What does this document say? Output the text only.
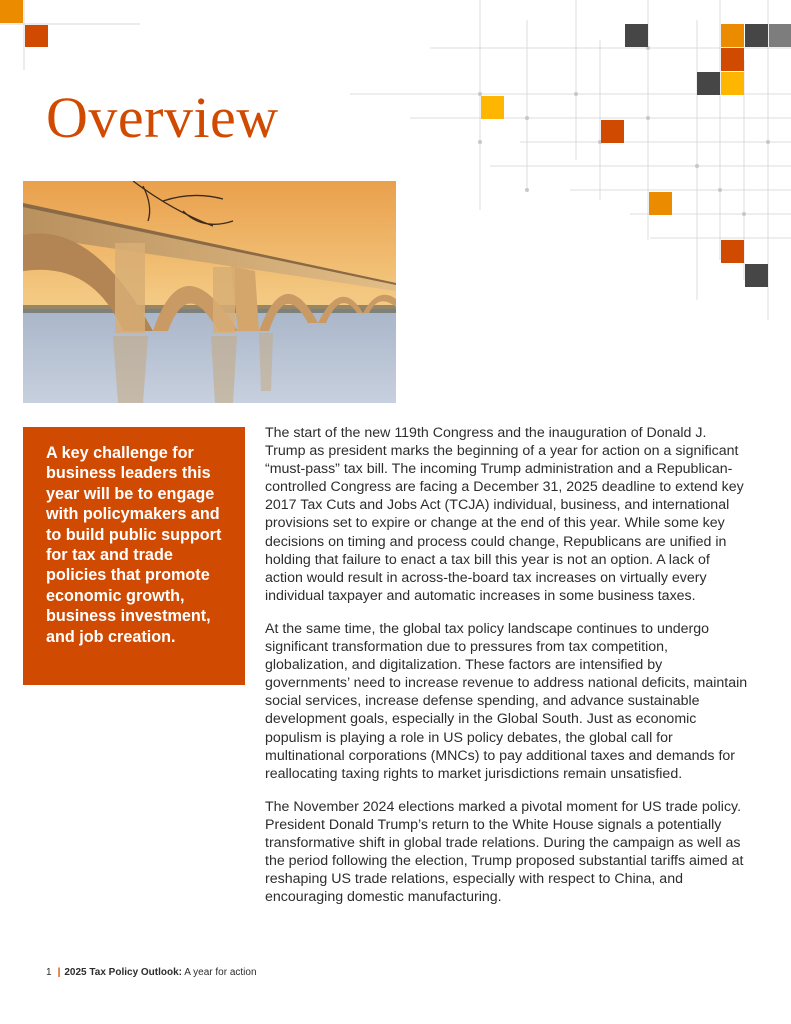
Overview

A key challenge for business leaders this year will be to engage with policymakers and to build public support for tax and trade policies that promote economic growth, business investment, and job creation.

The start of the new 119th Congress and the inauguration of Donald J. Trump as president marks the beginning of a year for action on a significant “must-pass” tax bill. The incoming Trump administration and a Republican-controlled Congress are facing a December 31, 2025 deadline to extend key 2017 Tax Cuts and Jobs Act (TCJA) individual, business, and international provisions set to expire or change at the end of this year. While some key decisions on timing and process could change, Republicans are unified in holding that failure to enact a tax bill this year is not an option. A lack of action would result in across-the-board tax increases on virtually every individual taxpayer and automatic increases in some business taxes.

At the same time, the global tax policy landscape continues to undergo significant transformation due to pressures from tax competition, globalization, and digitalization. These factors are intensified by governments’ need to increase revenue to address national deficits, maintain social services, increase defense spending, and advance sustainable development goals, especially in the Global South. Just as economic populism is playing a role in US policy debates, the global call for multinational corporations (MNCs) to pay additional taxes and demands for reallocating taxing rights to market jurisdictions remain unsatisfied.

The November 2024 elections marked a pivotal moment for US trade policy. President Donald Trump’s return to the White House signals a potentially transformative shift in global trade relations. During the campaign as well as the period following the election, Trump proposed substantial tariffs aimed at reshaping US trade relations, especially with respect to China, and encouraging domestic manufacturing.

1 | 2025 Tax Policy Outlook: A year for action
